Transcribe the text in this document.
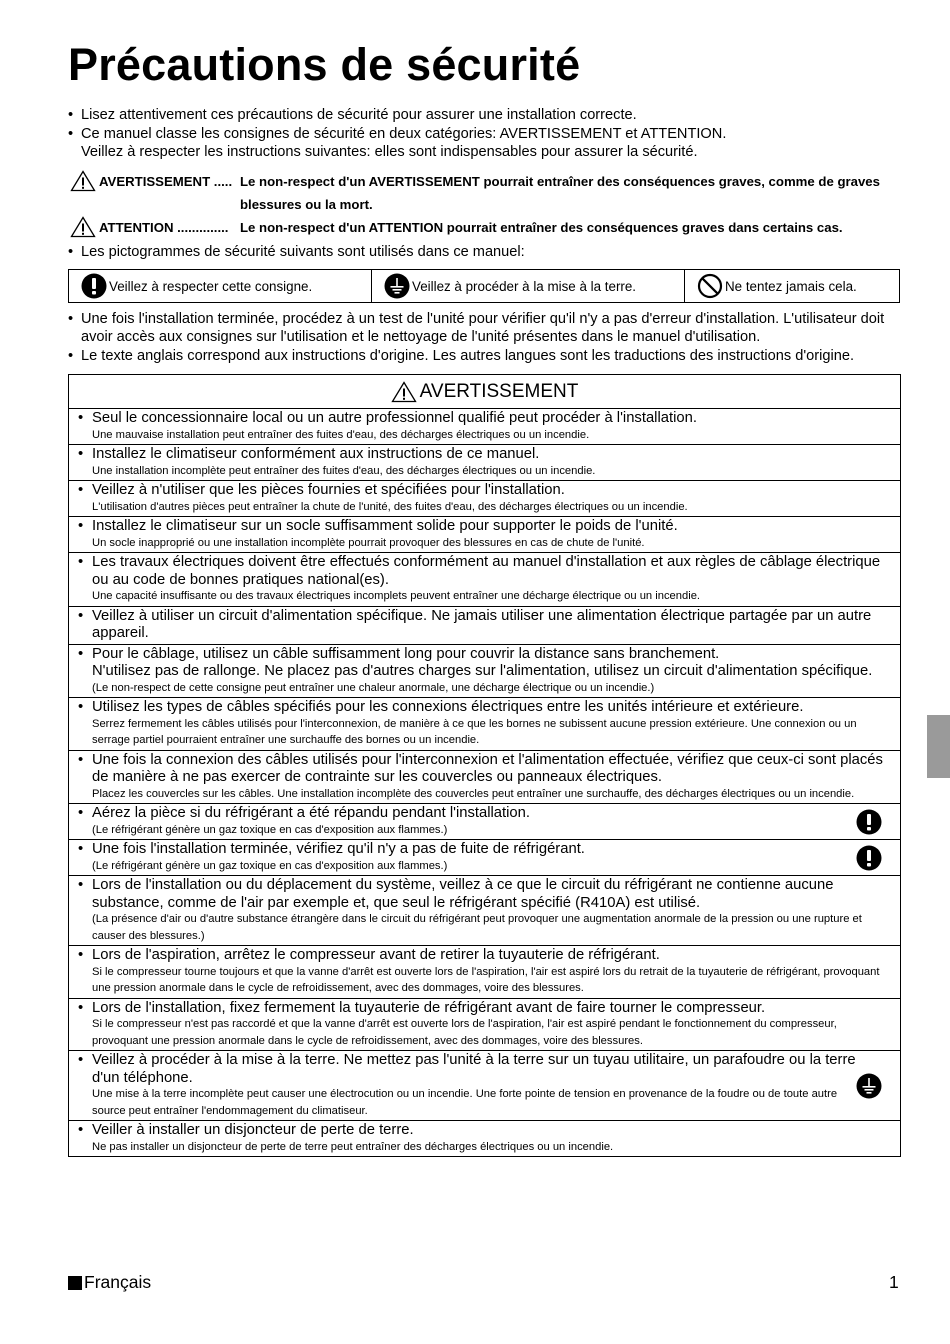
Précautions de sécurité
• Lisez attentivement ces précautions de sécurité pour assurer une installation correcte.
• Ce manuel classe les consignes de sécurité en deux catégories: AVERTISSEMENT et ATTENTION.
Veillez à respecter les instructions suivantes: elles sont indispensables pour assurer la sécurité.
AVERTISSEMENT ..... Le non-respect d'un AVERTISSEMENT pourrait entraîner des conséquences graves, comme de graves blessures ou la mort.
ATTENTION .............. Le non-respect d'un ATTENTION pourrait entraîner des conséquences graves dans certains cas.
• Les pictogrammes de sécurité suivants sont utilisés dans ce manuel:
Veillez à respecter cette consigne.	Veillez à procéder à la mise à la terre.	Ne tentez jamais cela.
• Une fois l'installation terminée, procédez à un test de l'unité pour vérifier qu'il n'y a pas d'erreur d'installation. L'utilisateur doit avoir accès aux consignes sur l'utilisation et le nettoyage de l'unité présentes dans le manuel d'utilisation.
• Le texte anglais correspond aux instructions d'origine. Les autres langues sont les traductions des instructions d'origine.
AVERTISSEMENT
• Seul le concessionnaire local ou un autre professionnel qualifié peut procéder à l'installation.
Une mauvaise installation peut entraîner des fuites d'eau, des décharges électriques ou un incendie.
• Installez le climatiseur conformément aux instructions de ce manuel.
Une installation incomplète peut entraîner des fuites d'eau, des décharges électriques ou un incendie.
• Veillez à n'utiliser que les pièces fournies et spécifiées pour l'installation.
L'utilisation d'autres pièces peut entraîner la chute de l'unité, des fuites d'eau, des décharges électriques ou un incendie.
• Installez le climatiseur sur un socle suffisamment solide pour supporter le poids de l'unité.
Un socle inapproprié ou une installation incomplète pourrait provoquer des blessures en cas de chute de l'unité.
• Les travaux électriques doivent être effectués conformément au manuel d'installation et aux règles de câblage électrique ou au code de bonnes pratiques national(es).
Une capacité insuffisante ou des travaux électriques incomplets peuvent entraîner une décharge électrique ou un incendie.
• Veillez à utiliser un circuit d'alimentation spécifique. Ne jamais utiliser une alimentation électrique partagée par un autre appareil.
• Pour le câblage, utilisez un câble suffisamment long pour couvrir la distance sans branchement.
N'utilisez pas de rallonge. Ne placez pas d'autres charges sur l'alimentation, utilisez un circuit d'alimentation spécifique.
(Le non-respect de cette consigne peut entraîner une chaleur anormale, une décharge électrique ou un incendie.)
• Utilisez les types de câbles spécifiés pour les connexions électriques entre les unités intérieure et extérieure.
Serrez fermement les câbles utilisés pour l'interconnexion, de manière à ce que les bornes ne subissent aucune pression extérieure. Une connexion ou un serrage partiel pourraient entraîner une surchauffe des bornes ou un incendie.
• Une fois la connexion des câbles utilisés pour l'interconnexion et l'alimentation effectuée, vérifiez que ceux-ci sont placés de manière à ne pas exercer de contrainte sur les couvercles ou panneaux électriques.
Placez les couvercles sur les câbles. Une installation incomplète des couvercles peut entraîner une surchauffe, des décharges électriques ou un incendie.
• Aérez la pièce si du réfrigérant a été répandu pendant l'installation.
(Le réfrigérant génère un gaz toxique en cas d'exposition aux flammes.)
• Une fois l'installation terminée, vérifiez qu'il n'y a pas de fuite de réfrigérant.
(Le réfrigérant génère un gaz toxique en cas d'exposition aux flammes.)
• Lors de l'installation ou du déplacement du système, veillez à ce que le circuit du réfrigérant ne contienne aucune substance, comme de l'air par exemple et, que seul le réfrigérant spécifié (R410A) est utilisé.
(La présence d'air ou d'autre substance étrangère dans le circuit du réfrigérant peut provoquer une augmentation anormale de la pression ou une rupture et causer des blessures.)
• Lors de l'aspiration, arrêtez le compresseur avant de retirer la tuyauterie de réfrigérant.
Si le compresseur tourne toujours et que la vanne d'arrêt est ouverte lors de l'aspiration, l'air est aspiré lors du retrait de la tuyauterie de réfrigérant, provoquant une pression anormale dans le cycle de refroidissement, avec des dommages, voire des blessures.
• Lors de l'installation, fixez fermement la tuyauterie de réfrigérant avant de faire tourner le compresseur.
Si le compresseur n'est pas raccordé et que la vanne d'arrêt est ouverte lors de l'aspiration, l'air est aspiré pendant le fonctionnement du compresseur, provoquant une pression anormale dans le cycle de refroidissement, avec des dommages, voire des blessures.
• Veillez à procéder à la mise à la terre. Ne mettez pas l'unité à la terre sur un tuyau utilitaire, un parafoudre ou la terre d'un téléphone.
Une mise à la terre incomplète peut causer une électrocution ou un incendie. Une forte pointe de tension en provenance de la foudre ou de toute autre source peut entraîner l'endommagement du climatiseur.
• Veiller à installer un disjoncteur de perte de terre.
Ne pas installer un disjoncteur de perte de terre peut entraîner des décharges électriques ou un incendie.
Français	1
